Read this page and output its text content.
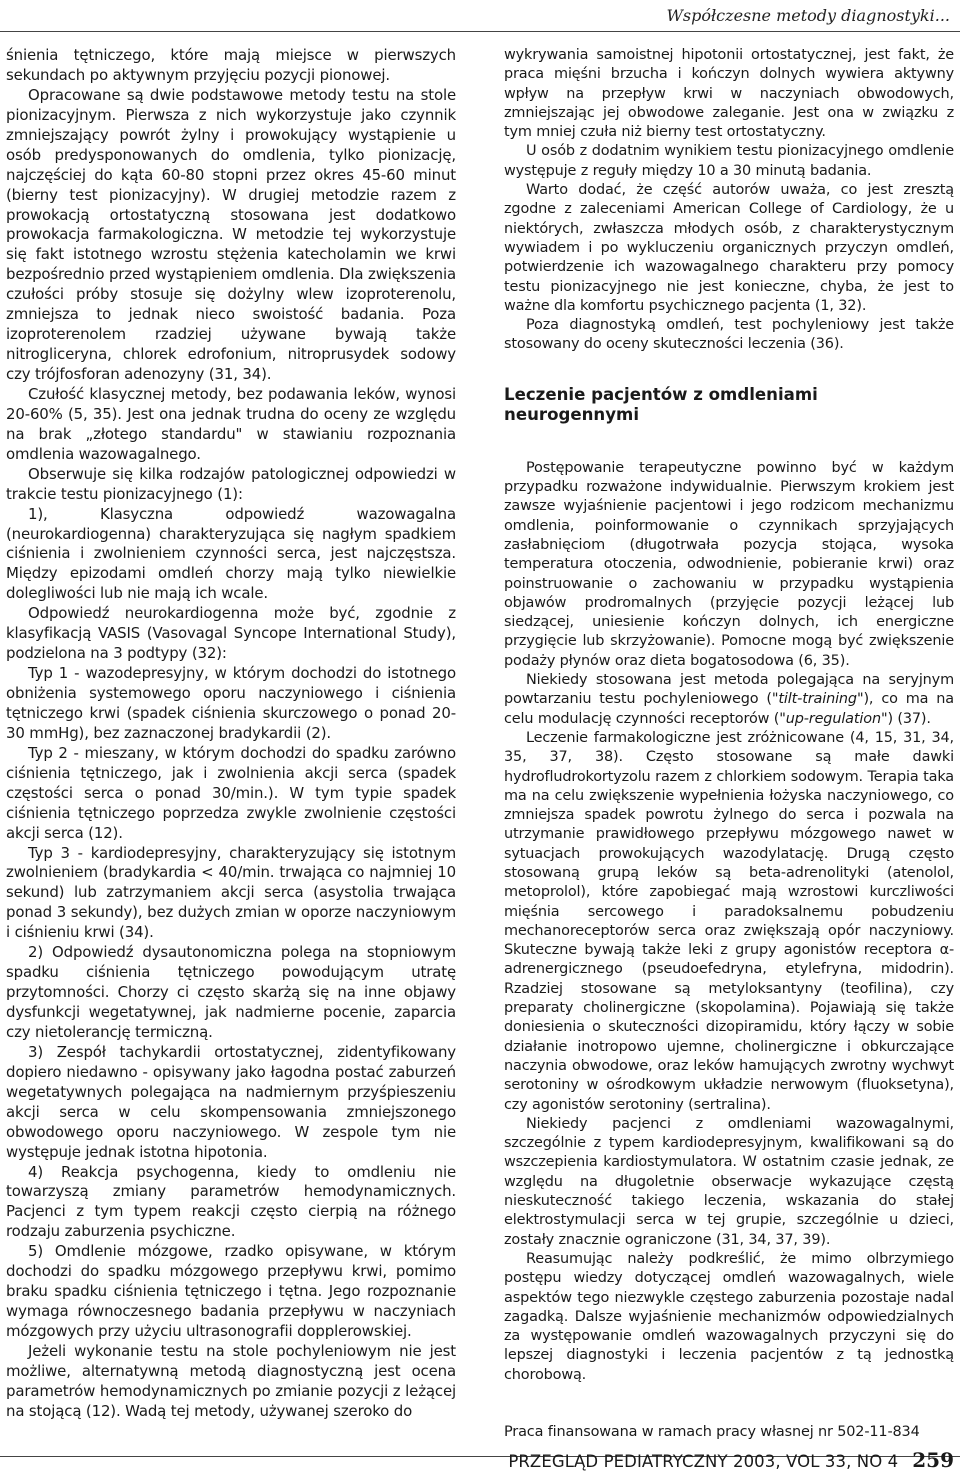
Współczesne metody diagnostyki...

śnienia tętniczego, które mają miejsce w pierwszych sekundach po aktywnym przyjęciu pozycji pionowej.

Opracowane są dwie podstawowe metody testu na stole pionizacyjnym. Pierwsza z nich wykorzystuje jako czynnik zmniejszający powrót żylny i prowokujący wystąpienie u osób predysponowanych do omdlenia, tylko pionizację, najczęściej do kąta 60-80 stopni przez okres 45-60 minut (bierny test pionizacyjny). W drugiej metodzie razem z prowokacją ortostatyczną stosowana jest dodatkowo prowokacja farmakologiczna. W metodzie tej wykorzystuje się fakt istotnego wzrostu stężenia katecholamin we krwi bezpośrednio przed wystąpieniem omdlenia. Dla zwiększenia czułości próby stosuje się dożylny wlew izoproterenolu, zmniejsza to jednak nieco swoistość badania. Poza izoproterenolem rzadziej używane bywają także nitrogliceryna, chlorek edrofonium, nitroprusydek sodowy czy trójfosforan adenozyny (31, 34).

Czułość klasycznej metody, bez podawania leków, wynosi 20-60% (5, 35). Jest ona jednak trudna do oceny ze względu na brak „złotego standardu" w stawianiu rozpoznania omdlenia wazowagalnego.

Obserwuje się kilka rodzajów patologicznej odpowiedzi w trakcie testu pionizacyjnego (1):

1), Klasyczna odpowiedź wazowagalna (neurokardiogenna) charakteryzująca się nagłym spadkiem ciśnienia i zwolnieniem czynności serca, jest najczęstsza. Między epizodami omdleń chorzy mają tylko niewielkie dolegliwości lub nie mają ich wcale.

Odpowiedź neurokardiogenna może być, zgodnie z klasyfikacją VASIS (Vasovagal Syncope International Study), podzielona na 3 podtypy (32):

Typ 1 - wazodepresyjny, w którym dochodzi do istotnego obniżenia systemowego oporu naczyniowego i ciśnienia tętniczego krwi (spadek ciśnienia skurczowego o ponad 20-30 mmHg), bez zaznaczonej bradykardii (2).

Typ 2 - mieszany, w którym dochodzi do spadku zarówno ciśnienia tętniczego, jak i zwolnienia akcji serca (spadek częstości serca o ponad 30/min.). W tym typie spadek ciśnienia tętniczego poprzedza zwykle zwolnienie częstości akcji serca (12).

Typ 3 - kardiodepresyjny, charakteryzujący się istotnym zwolnieniem (bradykardia < 40/min. trwająca co najmniej 10 sekund) lub zatrzymaniem akcji serca (asystolia trwająca ponad 3 sekundy), bez dużych zmian w oporze naczyniowym i ciśnieniu krwi (34).

2) Odpowiedź dysautonomiczna polega na stopniowym spadku ciśnienia tętniczego powodującym utratę przytomności. Chorzy ci często skarżą się na inne objawy dysfunkcji wegetatywnej, jak nadmierne pocenie, zaparcia czy nietolerancję termiczną.

3) Zespół tachykardii ortostatycznej, zidentyfikowany dopiero niedawno - opisywany jako łagodna postać zaburzeń wegetatywnych polegająca na nadmiernym przyśpieszeniu akcji serca w celu skompensowania zmniejszonego obwodowego oporu naczyniowego. W zespole tym nie występuje jednak istotna hipotonia.

4) Reakcja psychogenna, kiedy to omdleniu nie towarzyszą zmiany parametrów hemodynamicznych. Pacjenci z tym typem reakcji często cierpią na różnego rodzaju zaburzenia psychiczne.

5) Omdlenie mózgowe, rzadko opisywane, w którym dochodzi do spadku mózgowego przepływu krwi, pomimo braku spadku ciśnienia tętniczego i tętna. Jego rozpoznanie wymaga równoczesnego badania przepływu w naczyniach mózgowych przy użyciu ultrasonografii dopplerowskiej.

Jeżeli wykonanie testu na stole pochyleniowym nie jest możliwe, alternatywną metodą diagnostyczną jest ocena parametrów hemodynamicznych po zmianie pozycji z leżącej na stojącą (12). Wadą tej metody, używanej szeroko do

wykrywania samoistnej hipotonii ortostatycznej, jest fakt, że praca mięśni brzucha i kończyn dolnych wywiera aktywny wpływ na przepływ krwi w naczyniach obwodowych, zmniejszając jej obwodowe zaleganie. Jest ona w związku z tym mniej czuła niż bierny test ortostatyczny.

U osób z dodatnim wynikiem testu pionizacyjnego omdlenie występuje z reguły między 10 a 30 minutą badania.

Warto dodać, że część autorów uważa, co jest zresztą zgodne z zaleceniami American College of Cardiology, że u niektórych, zwłaszcza młodych osób, z charakterystycznym wywiadem i po wykluczeniu organicznych przyczyn omdleń, potwierdzenie ich wazowagalnego charakteru przy pomocy testu pionizacyjnego nie jest konieczne, chyba, że jest to ważne dla komfortu psychicznego pacjenta (1, 32).

Poza diagnostyką omdleń, test pochyleniowy jest także stosowany do oceny skuteczności leczenia (36).

Leczenie pacjentów z omdleniami neurogennymi

Postępowanie terapeutyczne powinno być w każdym przypadku rozważone indywidualnie. Pierwszym krokiem jest zawsze wyjaśnienie pacjentowi i jego rodzicom mechanizmu omdlenia, poinformowanie o czynnikach sprzyjających zasłabnięciom (długotrwała pozycja stojąca, wysoka temperatura otoczenia, odwodnienie, pobieranie krwi) oraz poinstruowanie o zachowaniu w przypadku wystąpienia objawów prodromalnych (przyjęcie pozycji leżącej lub siedzącej, uniesienie kończyn dolnych, ich energiczne przygięcie lub skrzyżowanie). Pomocne mogą być zwiększenie podaży płynów oraz dieta bogatosodowa (6, 35).

Niekiedy stosowana jest metoda polegająca na seryjnym powtarzaniu testu pochyleniowego ("tilt-training"), co ma na celu modulację czynności receptorów ("up-regulation") (37).

Leczenie farmakologiczne jest zróżnicowane (4, 15, 31, 34, 35, 37, 38). Często stosowane są małe dawki hydrofludrokortyzolu razem z chlorkiem sodowym. Terapia taka ma na celu zwiększenie wypełnienia łożyska naczyniowego, co zmniejsza spadek powrotu żylnego do serca i pozwala na utrzymanie prawidłowego przepływu mózgowego nawet w sytuacjach prowokujących wazodylatację. Drugą często stosowaną grupą leków są beta-adrenolityki (atenolol, metoprolol), które zapobiegać mają wzrostowi kurczliwości mięśnia sercowego i paradoksalnemu pobudzeniu mechanoreceptorów serca oraz zwiększają opór naczyniowy. Skuteczne bywają także leki z grupy agonistów receptora α-adrenergicznego (pseudoefedryna, etylefryna, midodrin). Rzadziej stosowane są metyloksantyny (teofilina), czy preparaty cholinergiczne (skopolamina). Pojawiają się także doniesienia o skuteczności dizopiramidu, który łączy w sobie działanie inotropowo ujemne, cholinergiczne i obkurczające naczynia obwodowe, oraz leków hamujących zwrotny wychwyt serotoniny w ośrodkowym układzie nerwowym (fluoksetyna), czy agonistów serotoniny (sertralina).

Niekiedy pacjenci z omdleniami wazowagalnymi, szczególnie z typem kardiodepresyjnym, kwalifikowani są do wszczepienia kardiostymulatora. W ostatnim czasie jednak, ze względu na długoletnie obserwacje wykazujące częstą nieskuteczność takiego leczenia, wskazania do stałej elektrostymulacji serca w tej grupie, szczególnie u dzieci, zostały znacznie ograniczone (31, 34, 37, 39).

Reasumując należy podkreślić, że mimo olbrzymiego postępu wiedzy dotyczącej omdleń wazowagalnych, wiele aspektów tego niezwykle częstego zaburzenia pozostaje nadal zagadką. Dalsze wyjaśnienie mechanizmów odpowiedzialnych za występowanie omdleń wazowagalnych przyczyni się do lepszej diagnostyki i leczenia pacjentów z tą jednostką chorobową.

Praca finansowana w ramach pracy własnej nr 502-11-834

PRZEGLĄD PEDIATRYCZNY 2003, VOL 33, NO 4 259
